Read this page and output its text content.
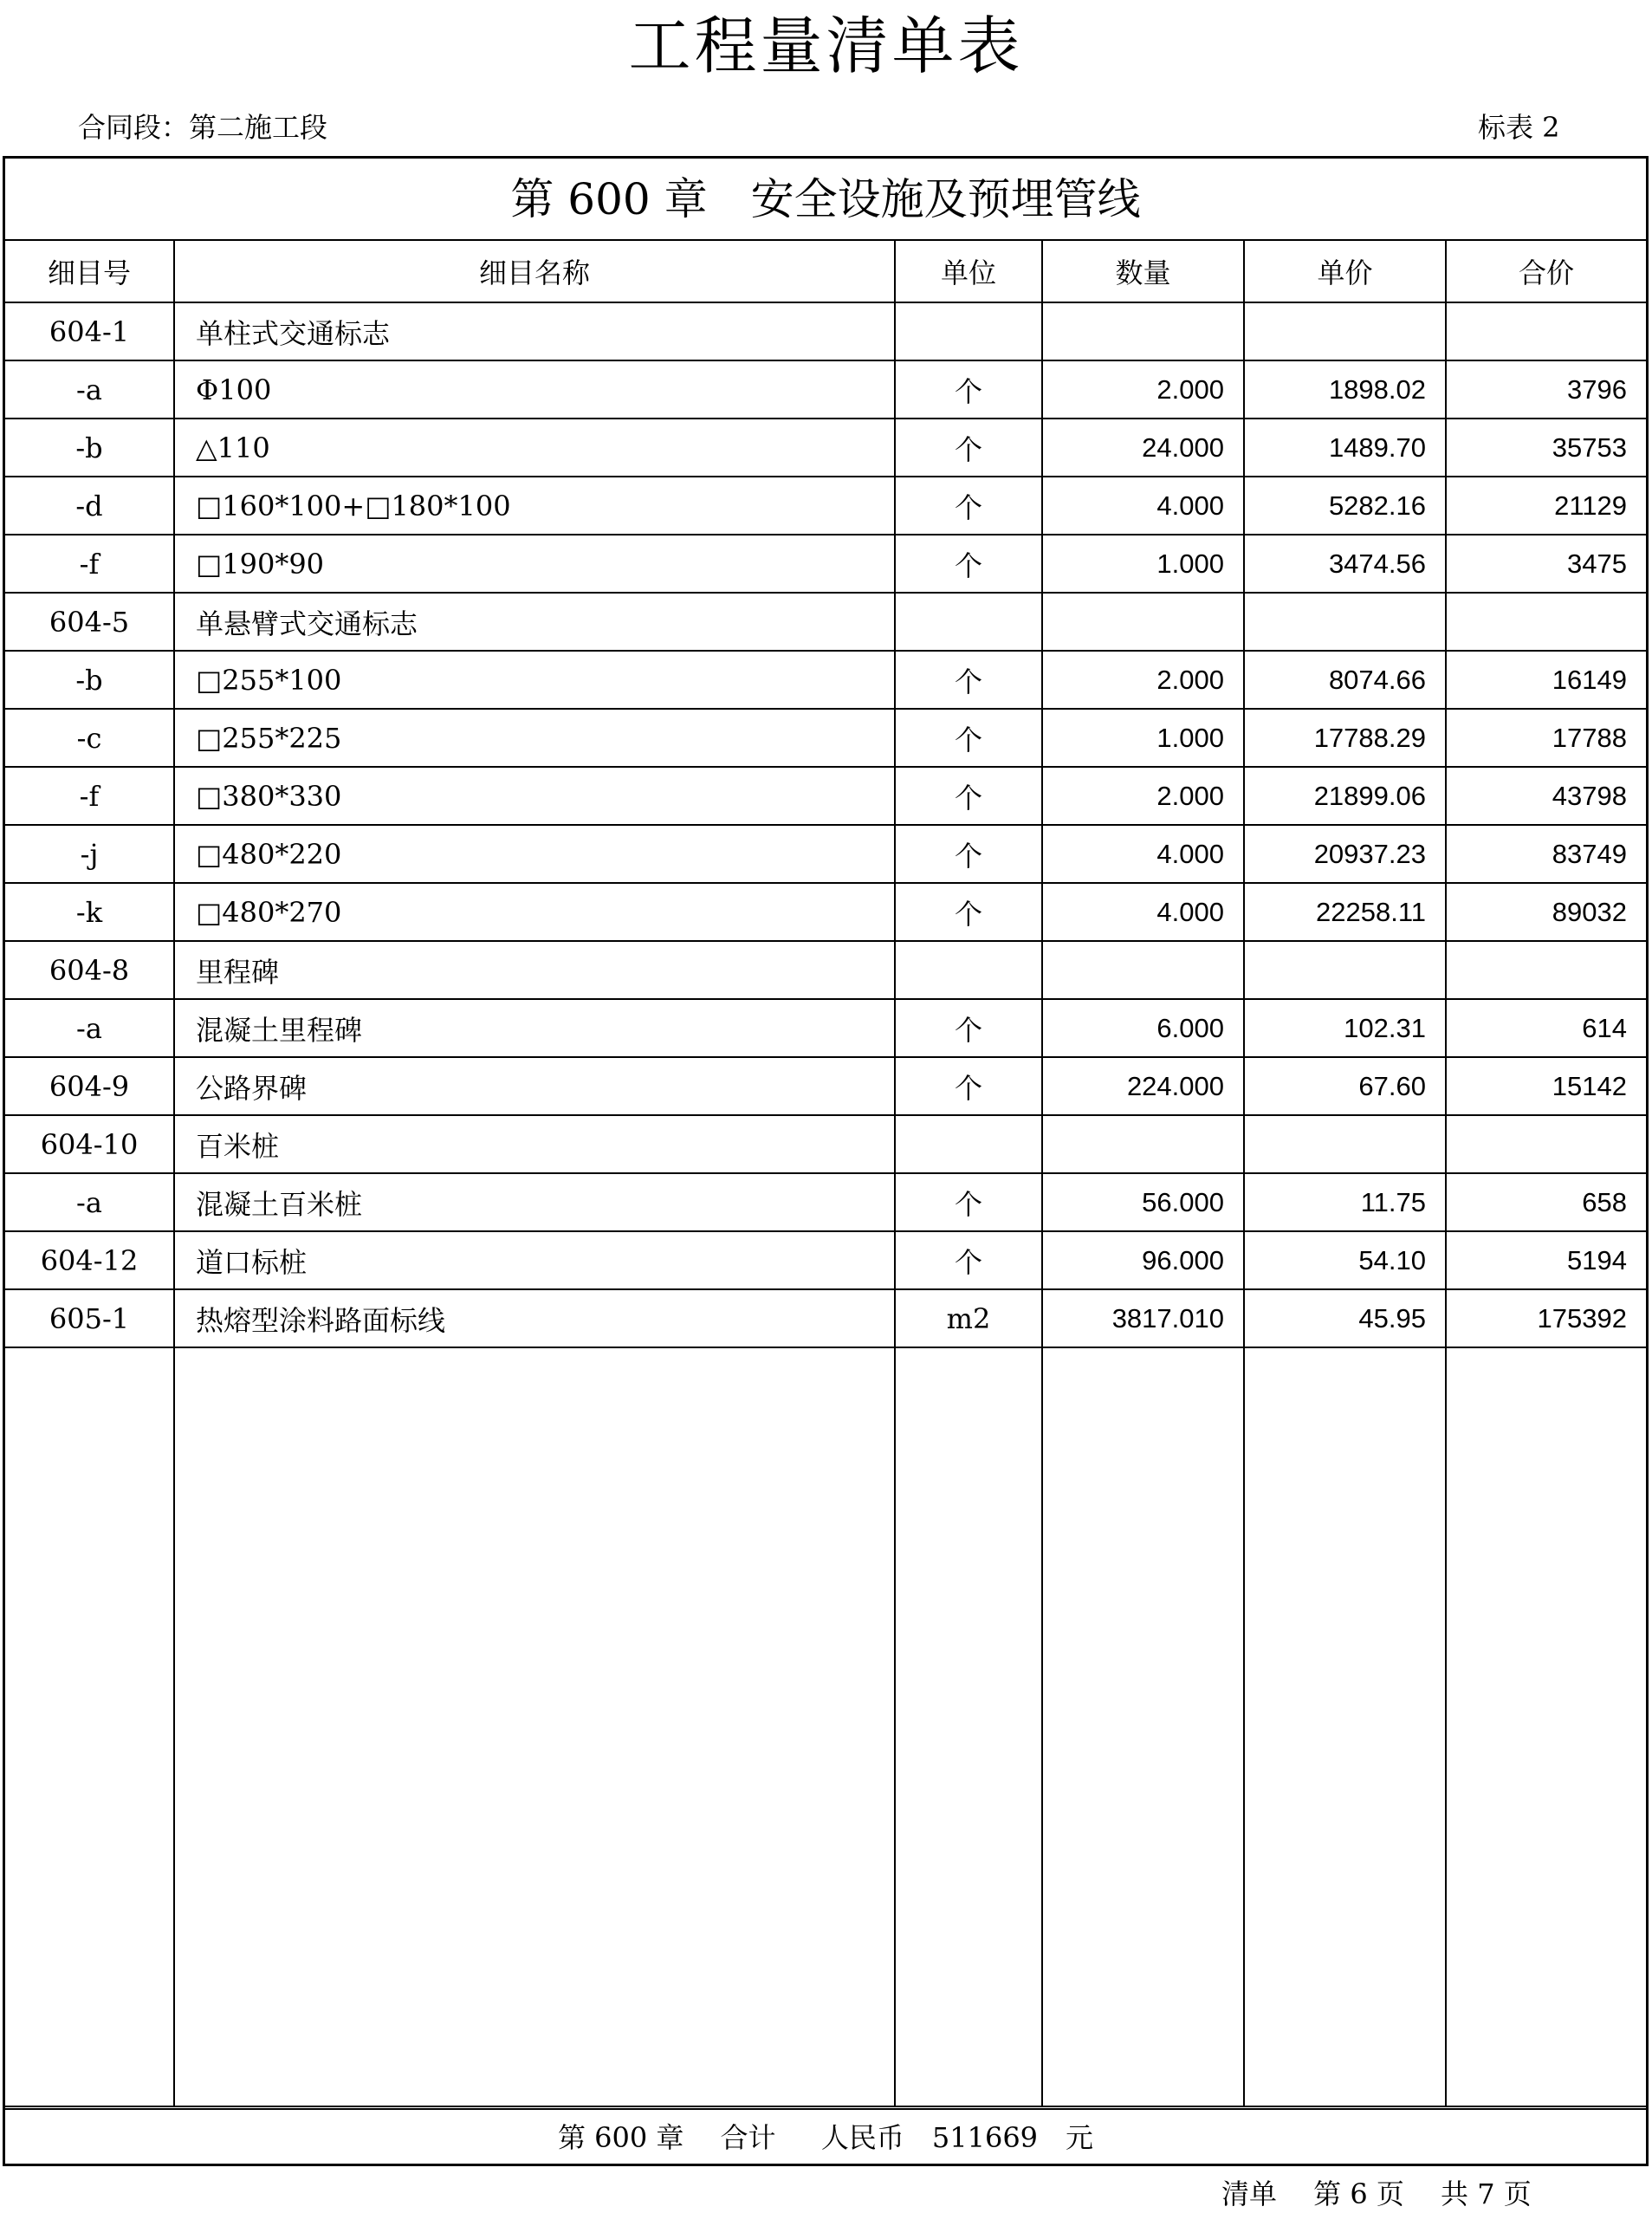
工程量清单表
合同段：第二施工段	标表 2
第 600 章　安全设施及预埋管线
细目号	细目名称	单位	数量	单价	合价
604-1	单柱式交通标志				
-a	Φ100	个	2.000	1898.02	3796
-b	△110	个	24.000	1489.70	35753
-d	□160*100+□180*100	个	4.000	5282.16	21129
-f	□190*90	个	1.000	3474.56	3475
604-5	单悬臂式交通标志				
-b	□255*100	个	2.000	8074.66	16149
-c	□255*225	个	1.000	17788.29	17788
-f	□380*330	个	2.000	21899.06	43798
-j	□480*220	个	4.000	20937.23	83749
-k	□480*270	个	4.000	22258.11	89032
604-8	里程碑				
-a	混凝土里程碑	个	6.000	102.31	614
604-9	公路界碑	个	224.000	67.60	15142
604-10	百米桩				
-a	混凝土百米桩	个	56.000	11.75	658
604-12	道口标桩	个	96.000	54.10	5194
605-1	热熔型涂料路面标线	m2	3817.010	45.95	175392

第 600 章　 合计　  人民币　511669　元
清单　 第 6 页　 共 7 页
